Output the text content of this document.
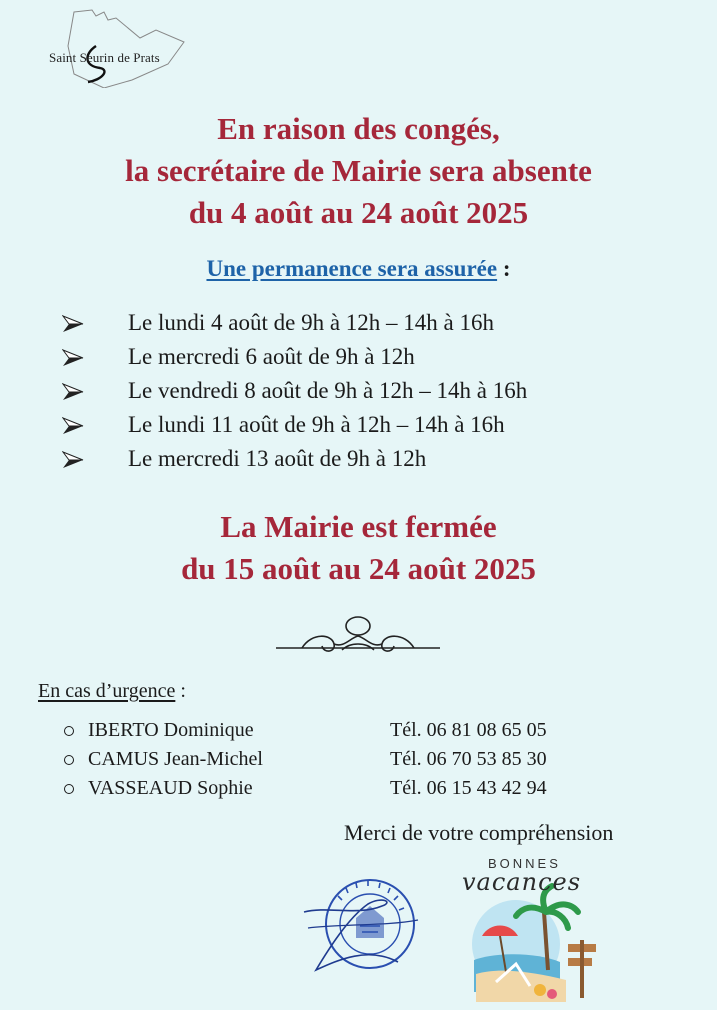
Saint Seurin de Prats
En raison des congés,
la secrétaire de Mairie sera absente
du 4 août au 24 août 2025
Une permanence sera assurée :
Le lundi 4 août de 9h à 12h – 14h à 16h
Le mercredi 6 août de 9h à 12h
Le vendredi 8 août de 9h à 12h – 14h à 16h
Le lundi 11 août de 9h à 12h – 14h à 16h
Le mercredi 13 août de 9h à 12h
La Mairie est fermée
du 15 août au 24 août 2025
En cas d’urgence :
IBERTO Dominique	Tél. 06 81 08 65 05
CAMUS Jean-Michel	Tél. 06 70 53 85 30
VASSEAUD Sophie	Tél. 06 15 43 42 94
Merci de votre compréhension
BONNES
vacances
